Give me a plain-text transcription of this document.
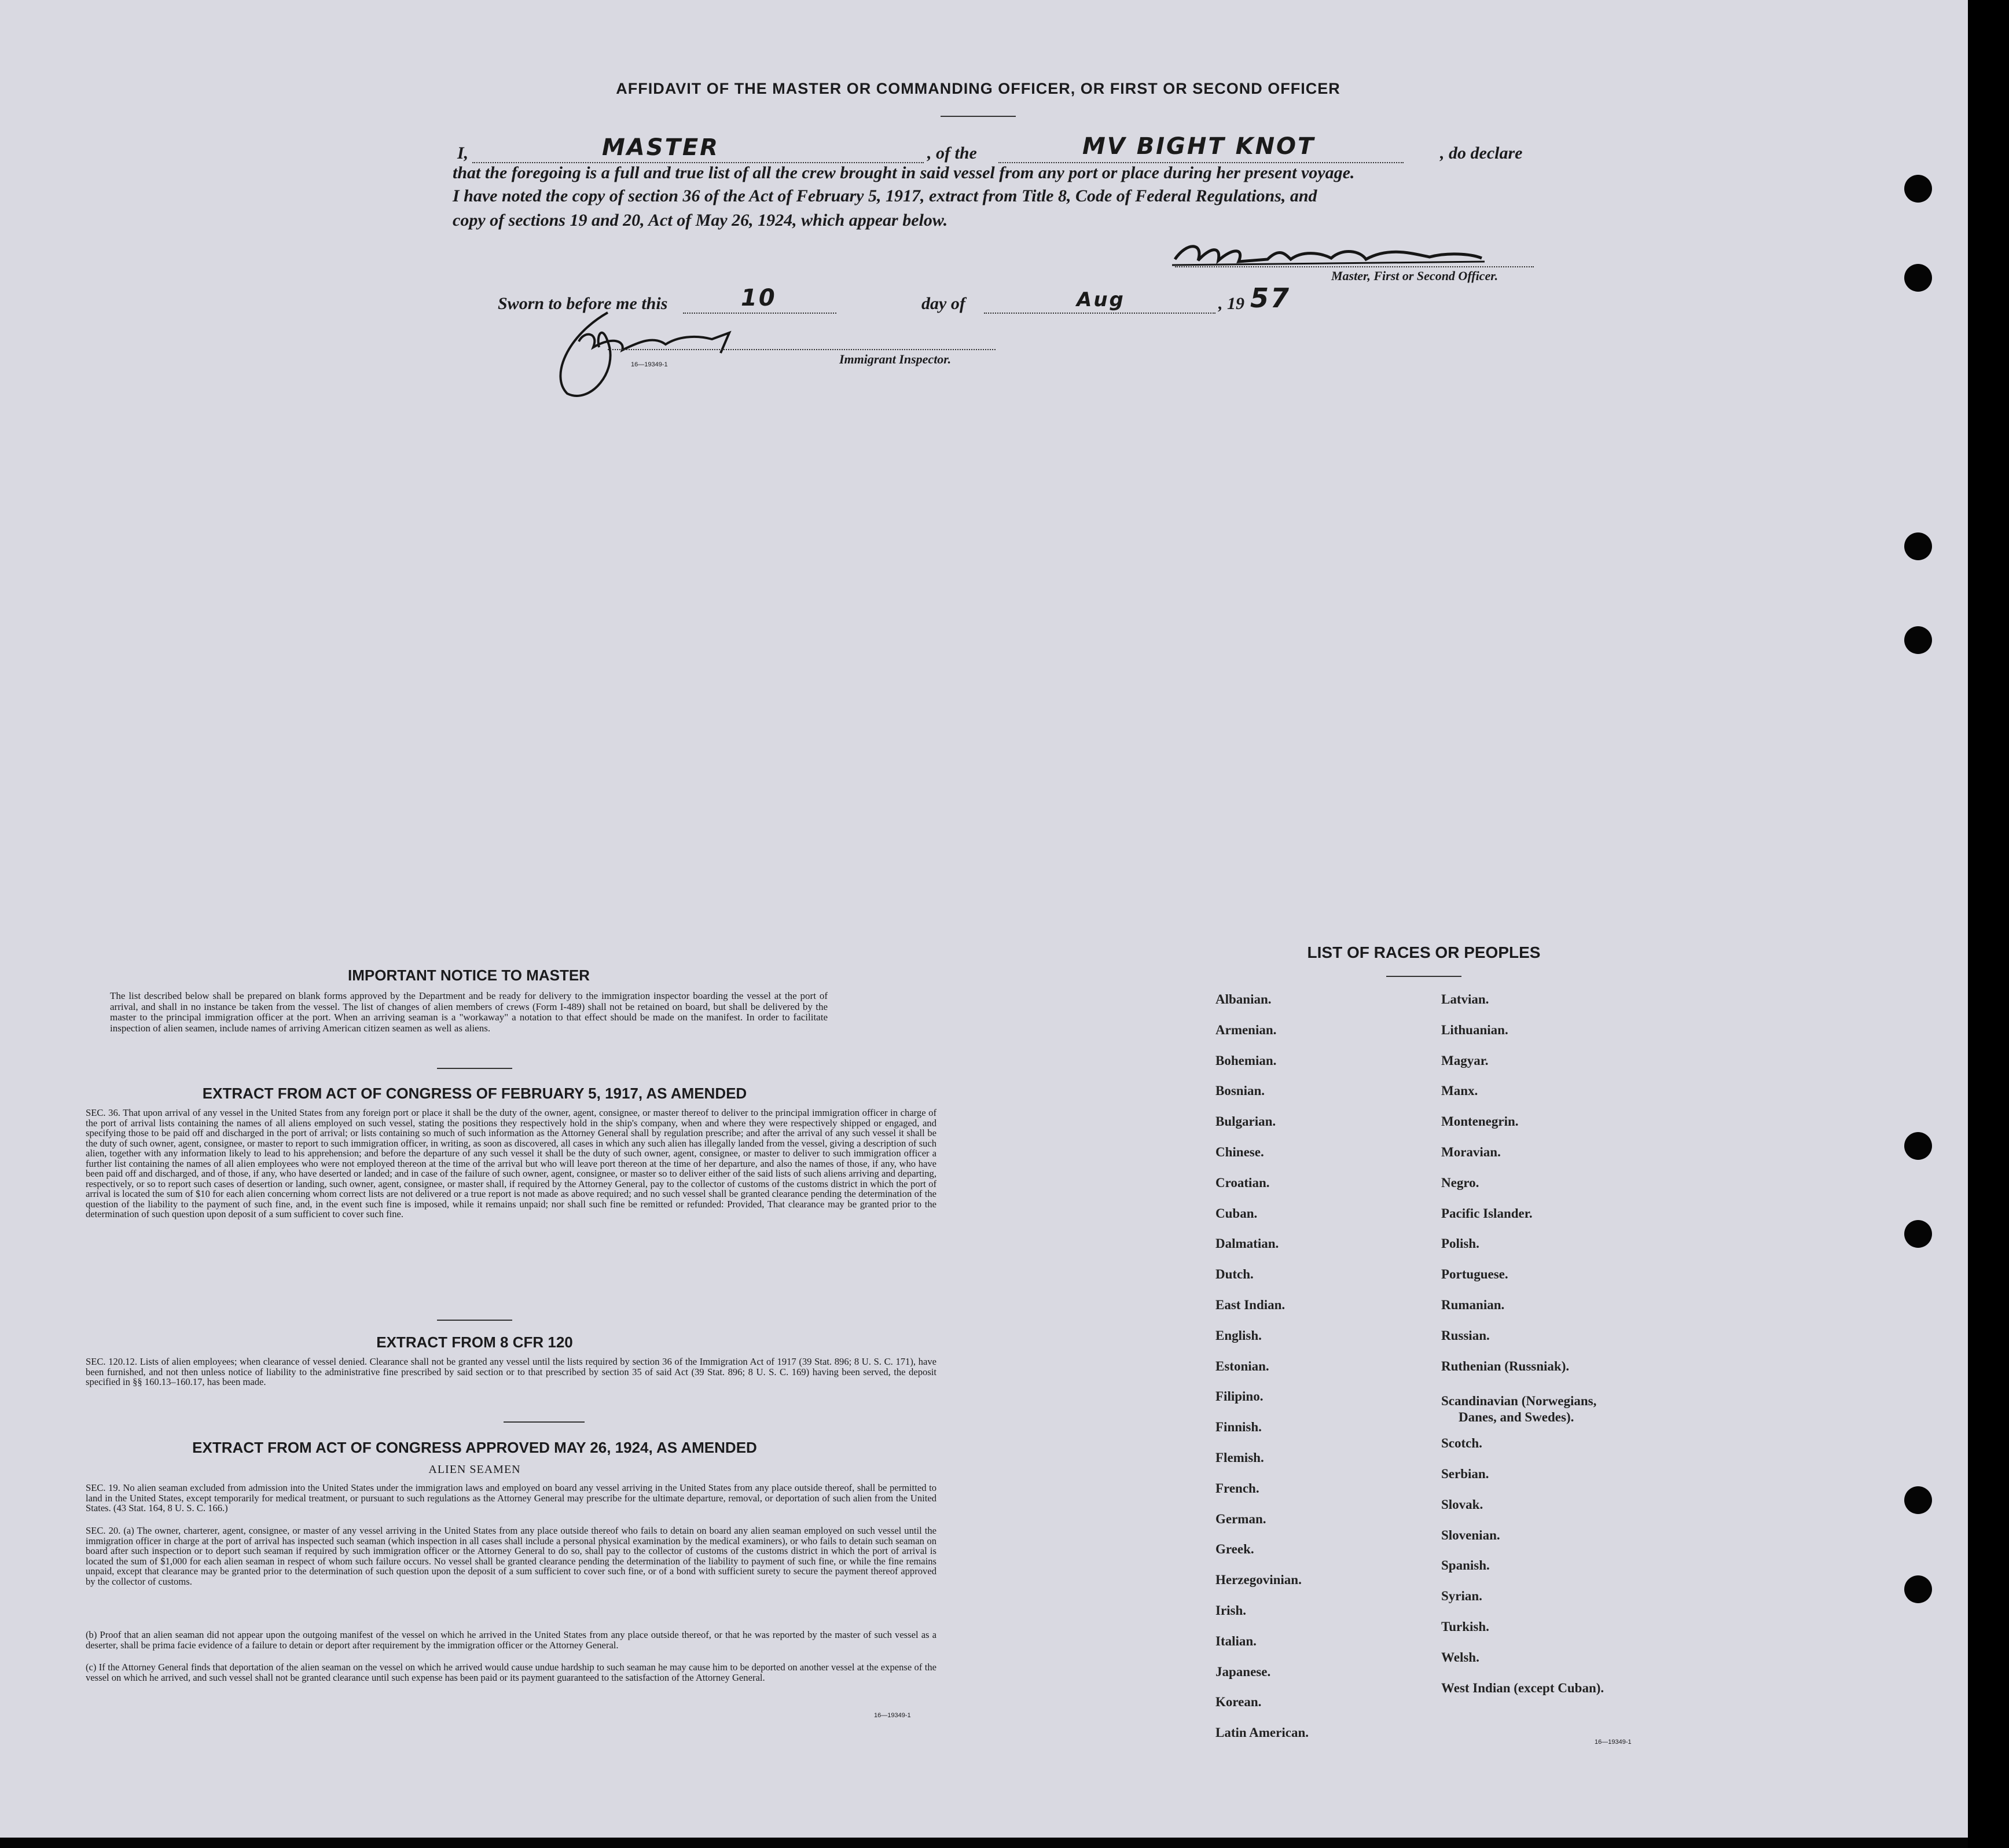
AFFIDAVIT OF THE MASTER OR COMMANDING OFFICER, OR FIRST OR SECOND OFFICER
I,	MASTER	, of the	MV BIGHT KNOT	, do declare
that the foregoing is a full and true list of all the crew brought in said vessel from any port or place during her present voyage.
I have noted the copy of section 36 of the Act of February 5, 1917, extract from Title 8, Code of Federal Regulations, and
copy of sections 19 and 20, Act of May 26, 1924, which appear below.
Master, First or Second Officer.
Sworn to before me this	10	day of	Aug	, 19 57
16—19349-1	Immigrant Inspector.
IMPORTANT NOTICE TO MASTER
The list described below shall be prepared on blank forms approved by the Department and be ready for delivery to the immigration inspector boarding the vessel at the port of arrival, and shall in no instance be taken from the vessel. The list of changes of alien members of crews (Form I-489) shall not be retained on board, but shall be delivered by the master to the principal immigration officer at the port. When an arriving seaman is a "workaway" a notation to that effect should be made on the manifest. In order to facilitate inspection of alien seamen, include names of arriving American citizen seamen as well as aliens.
EXTRACT FROM ACT OF CONGRESS OF FEBRUARY 5, 1917, AS AMENDED
SEC. 36. That upon arrival of any vessel in the United States from any foreign port or place it shall be the duty of the owner, agent, consignee, or master thereof to deliver to the principal immigration officer in charge of the port of arrival lists containing the names of all aliens employed on such vessel, stating the positions they respectively hold in the ship's company, when and where they were respectively shipped or engaged, and specifying those to be paid off and discharged in the port of arrival; or lists containing so much of such information as the Attorney General shall by regulation prescribe; and after the arrival of any such vessel it shall be the duty of such owner, agent, consignee, or master to report to such immigration officer, in writing, as soon as discovered, all cases in which any such alien has illegally landed from the vessel, giving a description of such alien, together with any information likely to lead to his apprehension; and before the departure of any such vessel it shall be the duty of such owner, agent, consignee, or master to deliver to such immigration officer a further list containing the names of all alien employees who were not employed thereon at the time of the arrival but who will leave port thereon at the time of her departure, and also the names of those, if any, who have been paid off and discharged, and of those, if any, who have deserted or landed; and in case of the failure of such owner, agent, consignee, or master so to deliver either of the said lists of such aliens arriving and departing, respectively, or so to report such cases of desertion or landing, such owner, agent, consignee, or master shall, if required by the Attorney General, pay to the collector of customs of the customs district in which the port of arrival is located the sum of $10 for each alien concerning whom correct lists are not delivered or a true report is not made as above required; and no such vessel shall be granted clearance pending the determination of the question of the liability to the payment of such fine, and, in the event such fine is imposed, while it remains unpaid; nor shall such fine be remitted or refunded: Provided, That clearance may be granted prior to the determination of such question upon deposit of a sum sufficient to cover such fine.
EXTRACT FROM 8 CFR 120
SEC. 120.12. Lists of alien employees; when clearance of vessel denied. Clearance shall not be granted any vessel until the lists required by section 36 of the Immigration Act of 1917 (39 Stat. 896; 8 U. S. C. 171), have been furnished, and not then unless notice of liability to the administrative fine prescribed by said section or to that prescribed by section 35 of said Act (39 Stat. 896; 8 U. S. C. 169) having been served, the deposit specified in §§ 160.13–160.17, has been made.
EXTRACT FROM ACT OF CONGRESS APPROVED MAY 26, 1924, AS AMENDED
ALIEN SEAMEN
SEC. 19. No alien seaman excluded from admission into the United States under the immigration laws and employed on board any vessel arriving in the United States from any place outside thereof, shall be permitted to land in the United States, except temporarily for medical treatment, or pursuant to such regulations as the Attorney General may prescribe for the ultimate departure, removal, or deportation of such alien from the United States. (43 Stat. 164, 8 U. S. C. 166.)
SEC. 20. (a) The owner, charterer, agent, consignee, or master of any vessel arriving in the United States from any place outside thereof who fails to detain on board any alien seaman employed on such vessel until the immigration officer in charge at the port of arrival has inspected such seaman (which inspection in all cases shall include a personal physical examination by the medical examiners), or who fails to detain such seaman on board after such inspection or to deport such seaman if required by such immigration officer or the Attorney General to do so, shall pay to the collector of customs of the customs district in which the port of arrival is located the sum of $1,000 for each alien seaman in respect of whom such failure occurs. No vessel shall be granted clearance pending the determination of the liability to payment of such fine, or while the fine remains unpaid, except that clearance may be granted prior to the determination of such question upon the deposit of a sum sufficient to cover such fine, or of a bond with sufficient surety to secure the payment thereof approved by the collector of customs.
(b) Proof that an alien seaman did not appear upon the outgoing manifest of the vessel on which he arrived in the United States from any place outside thereof, or that he was reported by the master of such vessel as a deserter, shall be prima facie evidence of a failure to detain or deport after requirement by the immigration officer or the Attorney General.
(c) If the Attorney General finds that deportation of the alien seaman on the vessel on which he arrived would cause undue hardship to such seaman he may cause him to be deported on another vessel at the expense of the vessel on which he arrived, and such vessel shall not be granted clearance until such expense has been paid or its payment guaranteed to the satisfaction of the Attorney General.
16—19349-1
LIST OF RACES OR PEOPLES
Albanian.
Armenian.
Bohemian.
Bosnian.
Bulgarian.
Chinese.
Croatian.
Cuban.
Dalmatian.
Dutch.
East Indian.
English.
Estonian.
Filipino.
Finnish.
Flemish.
French.
German.
Greek.
Herzegovinian.
Irish.
Italian.
Japanese.
Korean.
Latin American.
Latvian.
Lithuanian.
Magyar.
Manx.
Montenegrin.
Moravian.
Negro.
Pacific Islander.
Polish.
Portuguese.
Rumanian.
Russian.
Ruthenian (Russniak).
Scandinavian (Norwegians,
Danes, and Swedes).
Scotch.
Serbian.
Slovak.
Slovenian.
Spanish.
Syrian.
Turkish.
Welsh.
West Indian (except Cuban).
16—19349-1
